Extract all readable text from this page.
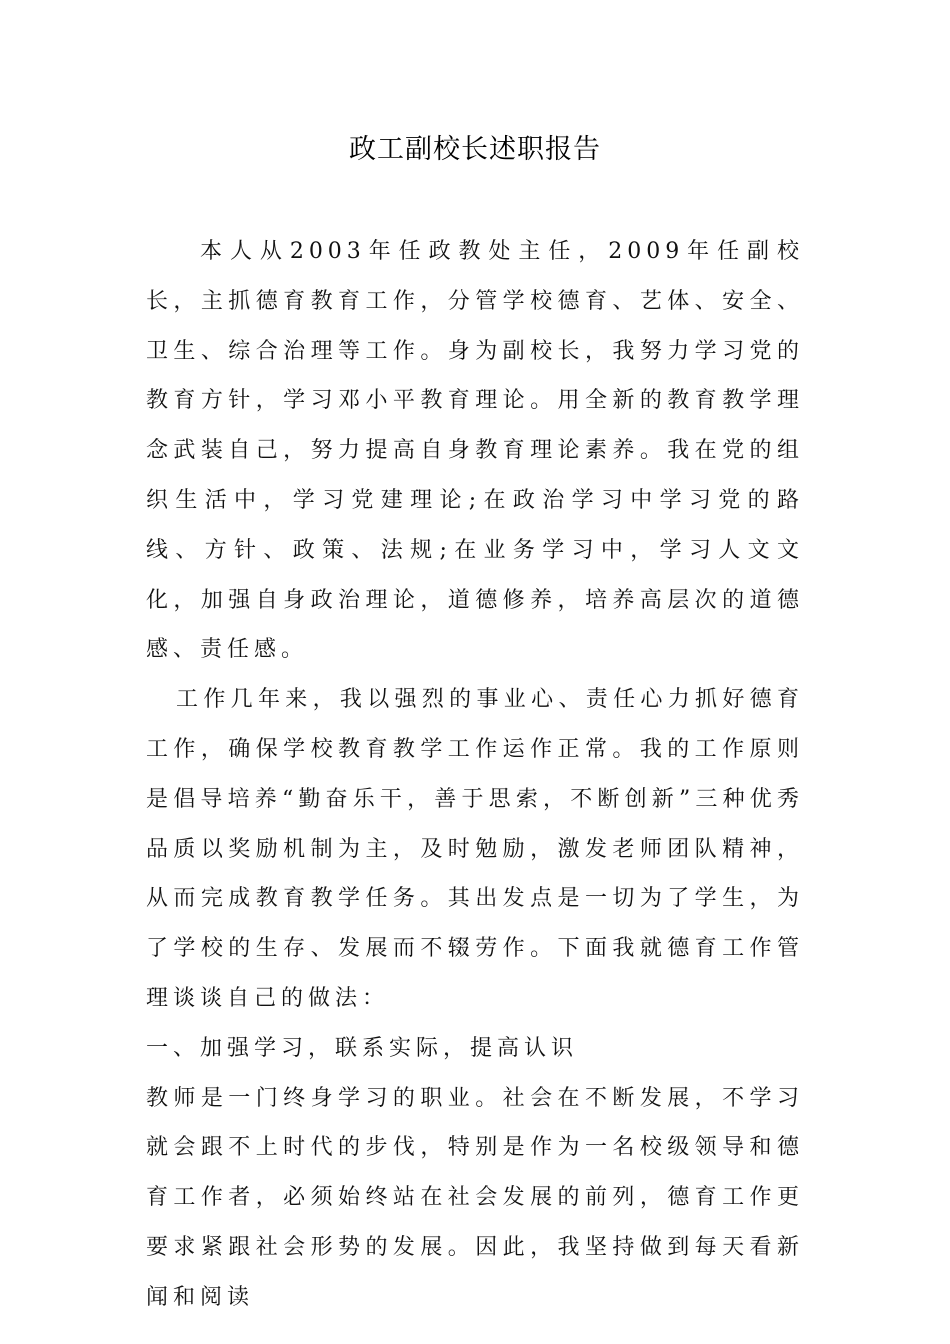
政工副校长述职报告

本人从2003年任政教处主任，2009年任副校长，主抓德育教育工作，分管学校德育、艺体、安全、卫生、综合治理等工作。身为副校长，我努力学习党的教育方针，学习邓小平教育理论。用全新的教育教学理念武装自己，努力提高自身教育理论素养。我在党的组织生活中，学习党建理论;在政治学习中学习党的路线、方针、政策、法规;在业务学习中，学习人文文化，加强自身政治理论，道德修养，培养高层次的道德感、责任感。

工作几年来，我以强烈的事业心、责任心力抓好德育工作，确保学校教育教学工作运作正常。我的工作原则是倡导培养“勤奋乐干，善于思索，不断创新”三种优秀品质以奖励机制为主，及时勉励，激发老师团队精神，从而完成教育教学任务。其出发点是一切为了学生，为了学校的生存、发展而不辍劳作。下面我就德育工作管理谈谈自己的做法：

一、加强学习，联系实际，提高认识

教师是一门终身学习的职业。社会在不断发展，不学习就会跟不上时代的步伐，特别是作为一名校级领导和德育工作者，必须始终站在社会发展的前列，德育工作更要求紧跟社会形势的发展。因此，我坚持做到每天看新闻和阅读
